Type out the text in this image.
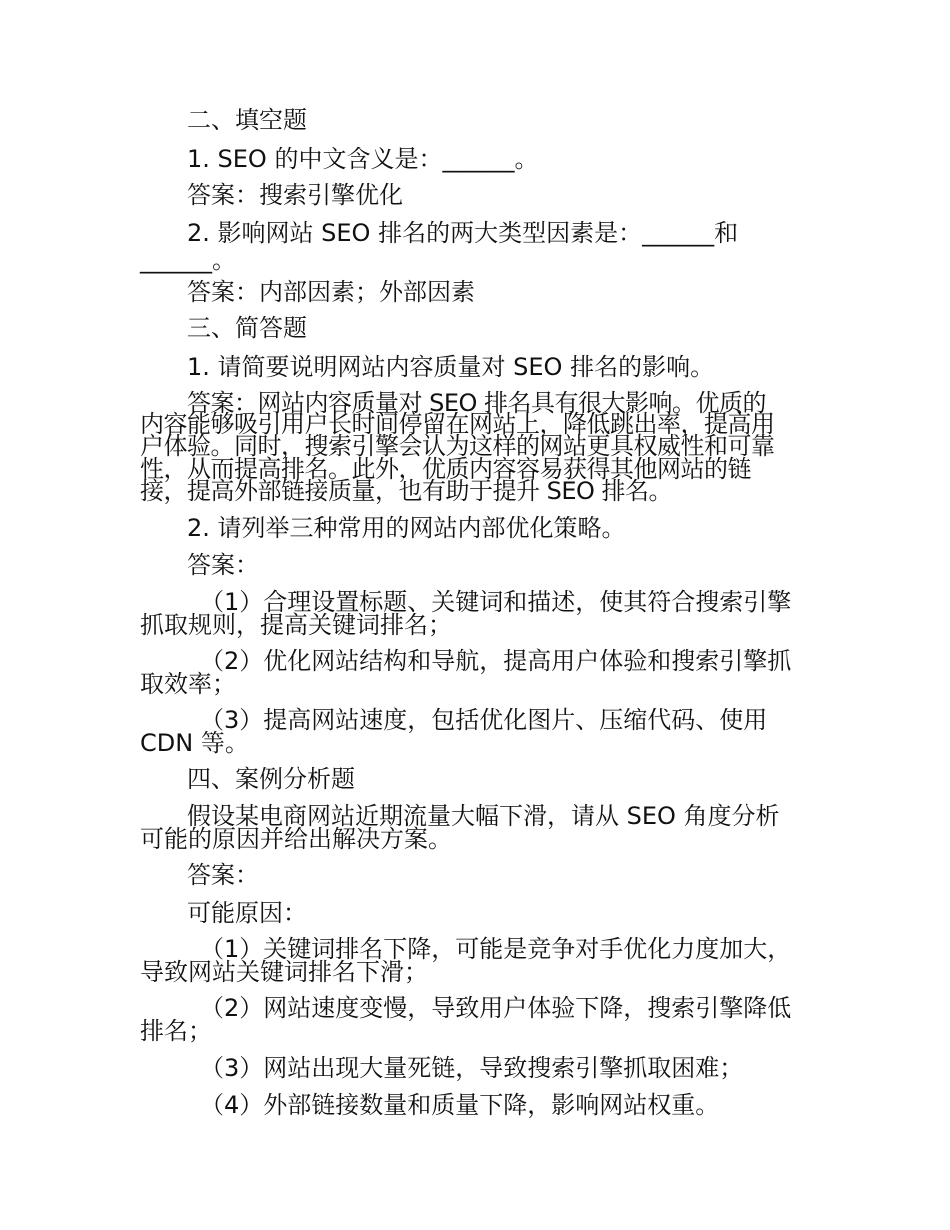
二、填空题
1. SEO 的中文含义是：______。
答案：搜索引擎优化
2. 影响网站 SEO 排名的两大类型因素是：______和
______。
答案：内部因素；外部因素
三、简答题
1. 请简要说明网站内容质量对 SEO 排名的影响。
答案：网站内容质量对 SEO 排名具有很大影响。优质的
内容能够吸引用户长时间停留在网站上，降低跳出率，提高用
户体验。同时，搜索引擎会认为这样的网站更具权威性和可靠
性，从而提高排名。此外，优质内容容易获得其他网站的链
接，提高外部链接质量，也有助于提升 SEO 排名。
2. 请列举三种常用的网站内部优化策略。
答案：
（1）合理设置标题、关键词和描述，使其符合搜索引擎
抓取规则，提高关键词排名；
（2）优化网站结构和导航，提高用户体验和搜索引擎抓
取效率；
（3）提高网站速度，包括优化图片、压缩代码、使用
CDN 等。
四、案例分析题
假设某电商网站近期流量大幅下滑，请从 SEO 角度分析
可能的原因并给出解决方案。
答案：
可能原因：
（1）关键词排名下降，可能是竞争对手优化力度加大，
导致网站关键词排名下滑；
（2）网站速度变慢，导致用户体验下降，搜索引擎降低
排名；
（3）网站出现大量死链，导致搜索引擎抓取困难；
（4）外部链接数量和质量下降，影响网站权重。
